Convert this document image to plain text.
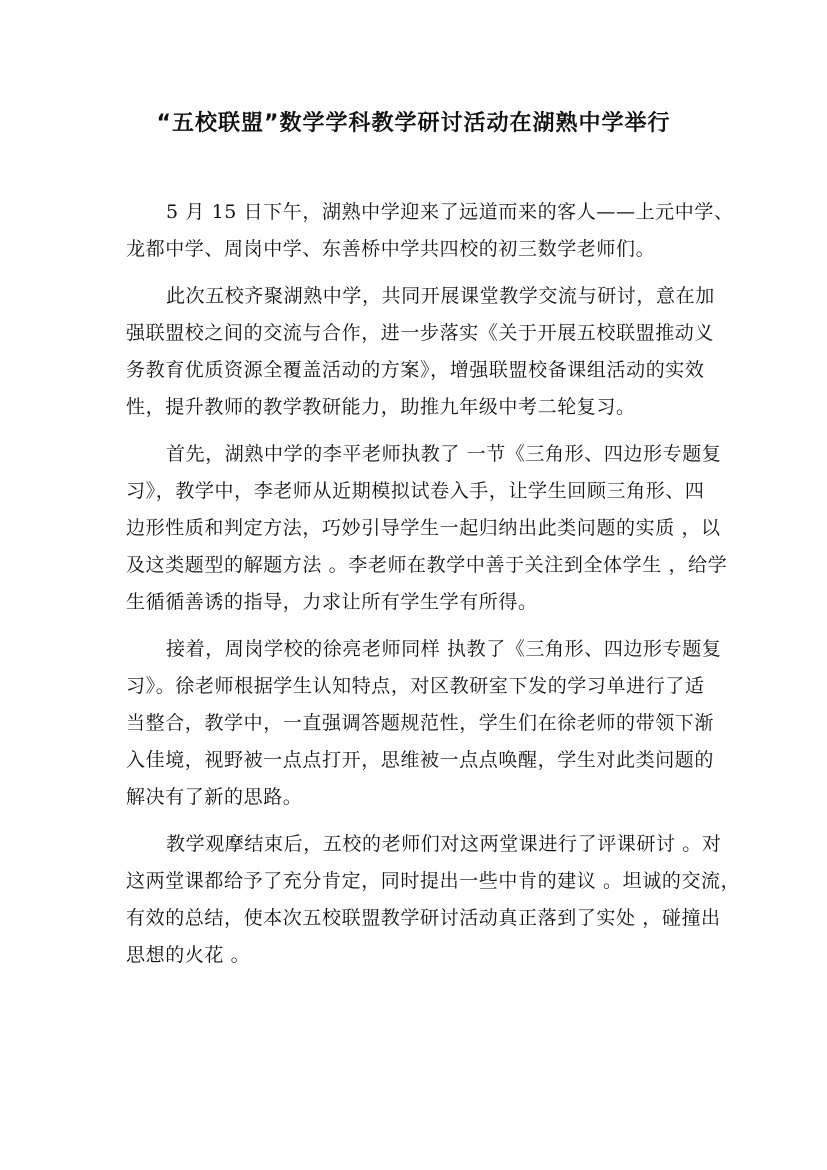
“五校联盟”数学学科教学研讨活动在湖熟中学举行

5 月 15 日下午，湖熟中学迎来了远道而来的客人——上元中学、
龙都中学、周岗中学、东善桥中学共四校的初三数学老师们。

此次五校齐聚湖熟中学，共同开展课堂教学交流与研讨，意在加
强联盟校之间的交流与合作，进一步落实《关于开展五校联盟推动义
务教育优质资源全覆盖活动的方案》，增强联盟校备课组活动的实效
性，提升教师的教学教研能力，助推九年级中考二轮复习。

首先，湖熟中学的李平老师执教了 一节《三角形、四边形专题复
习》，教学中，李老师从近期模拟试卷入手，让学生回顾三角形、四
边形性质和判定方法，巧妙引导学生一起归纳出此类问题的实质 ，以
及这类题型的解题方法 。李老师在教学中善于关注到全体学生 ，给学
生循循善诱的指导，力求让所有学生学有所得。

接着，周岗学校的徐亮老师同样 执教了《三角形、四边形专题复
习》。徐老师根据学生认知特点，对区教研室下发的学习单进行了适
当整合，教学中，一直强调答题规范性，学生们在徐老师的带领下渐
入佳境，视野被一点点打开，思维被一点点唤醒，学生对此类问题的
解决有了新的思路。

教学观摩结束后，五校的老师们对这两堂课进行了评课研讨 。对
这两堂课都给予了充分肯定，同时提出一些中肯的建议 。坦诚的交流，
有效的总结，使本次五校联盟教学研讨活动真正落到了实处 ，碰撞出
思想的火花 。
